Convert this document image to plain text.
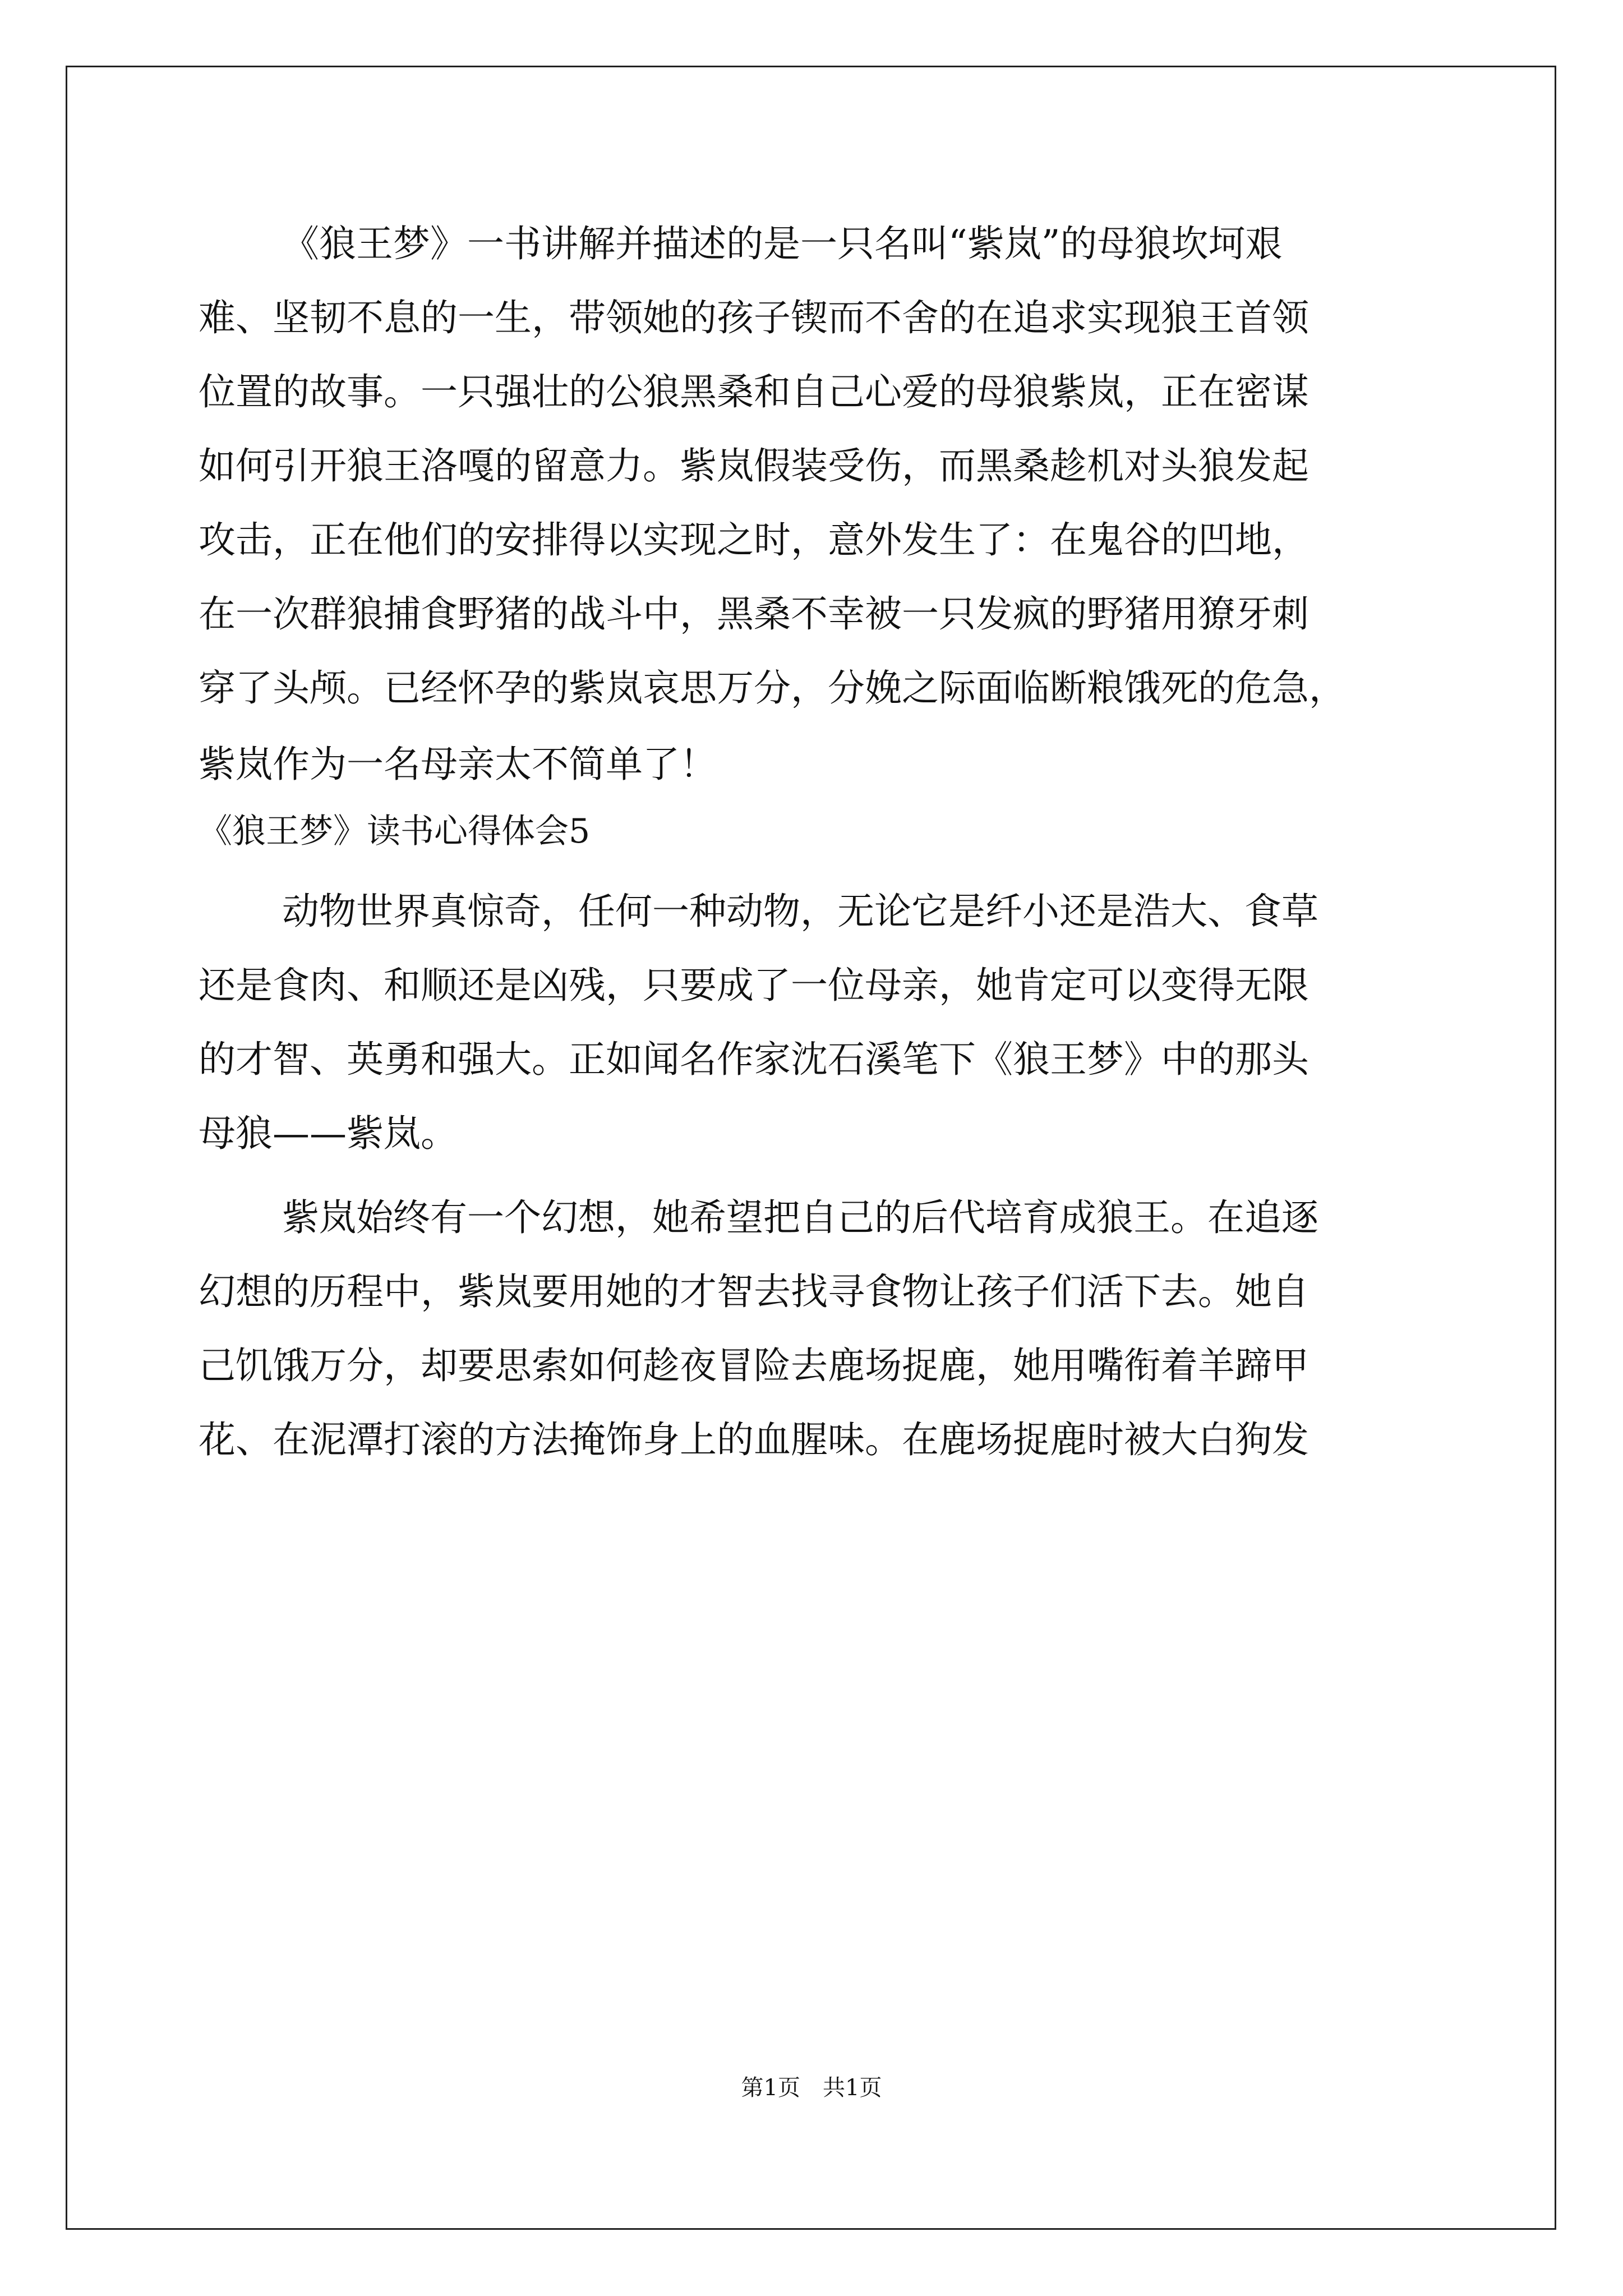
《狼王梦》一书讲解并描述的是一只名叫“紫岚”的母狼坎坷艰
难、坚韧不息的一生，带领她的孩子锲而不舍的在追求实现狼王首领
位置的故事。一只强壮的公狼黑桑和自己心爱的母狼紫岚，正在密谋
如何引开狼王洛嘎的留意力。紫岚假装受伤，而黑桑趁机对头狼发起
攻击，正在他们的安排得以实现之时，意外发生了：在鬼谷的凹地，
在一次群狼捕食野猪的战斗中，黑桑不幸被一只发疯的野猪用獠牙刺
穿了头颅。已经怀孕的紫岚哀思万分，分娩之际面临断粮饿死的危急，
紫岚作为一名母亲太不简单了！
《狼王梦》读书心得体会5
动物世界真惊奇，任何一种动物，无论它是纤小还是浩大、食草
还是食肉、和顺还是凶残，只要成了一位母亲，她肯定可以变得无限
的才智、英勇和强大。正如闻名作家沈石溪笔下《狼王梦》中的那头
母狼——紫岚。
紫岚始终有一个幻想，她希望把自己的后代培育成狼王。在追逐
幻想的历程中，紫岚要用她的才智去找寻食物让孩子们活下去。她自
己饥饿万分，却要思索如何趁夜冒险去鹿场捉鹿，她用嘴衔着羊蹄甲
花、在泥潭打滚的方法掩饰身上的血腥味。在鹿场捉鹿时被大白狗发
第1页　共1页
